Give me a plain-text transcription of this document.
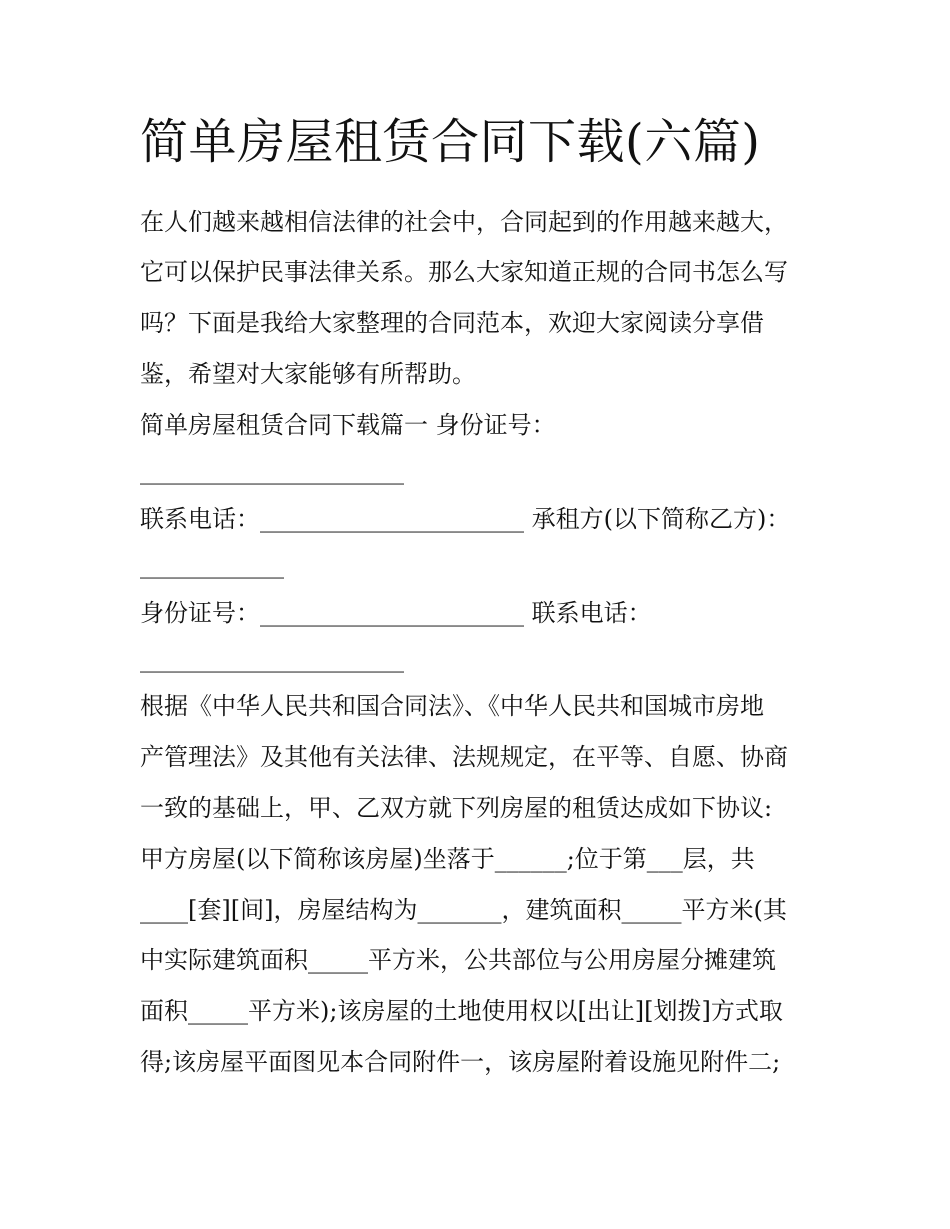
简单房屋租赁合同下载(六篇)

在人们越来越相信法律的社会中，合同起到的作用越来越大，

它可以保护民事法律关系。那么大家知道正规的合同书怎么写

吗？下面是我给大家整理的合同范本，欢迎大家阅读分享借

鉴，希望对大家能够有所帮助。

简单房屋租赁合同下载篇一 身份证号：

______________________

联系电话：______________________ 承租方(以下简称乙方)：

____________

身份证号：______________________ 联系电话：

______________________

根据《中华人民共和国合同法》、《中华人民共和国城市房地

产管理法》及其他有关法律、法规规定，在平等、自愿、协商

一致的基础上，甲、乙双方就下列房屋的租赁达成如下协议:

甲方房屋(以下简称该房屋)坐落于______;位于第___层，共

____[套][间]，房屋结构为_______，建筑面积_____平方米(其

中实际建筑面积_____平方米，公共部位与公用房屋分摊建筑

面积_____平方米);该房屋的土地使用权以[出让][划拨]方式取

得;该房屋平面图见本合同附件一，该房屋附着设施见附件二;
